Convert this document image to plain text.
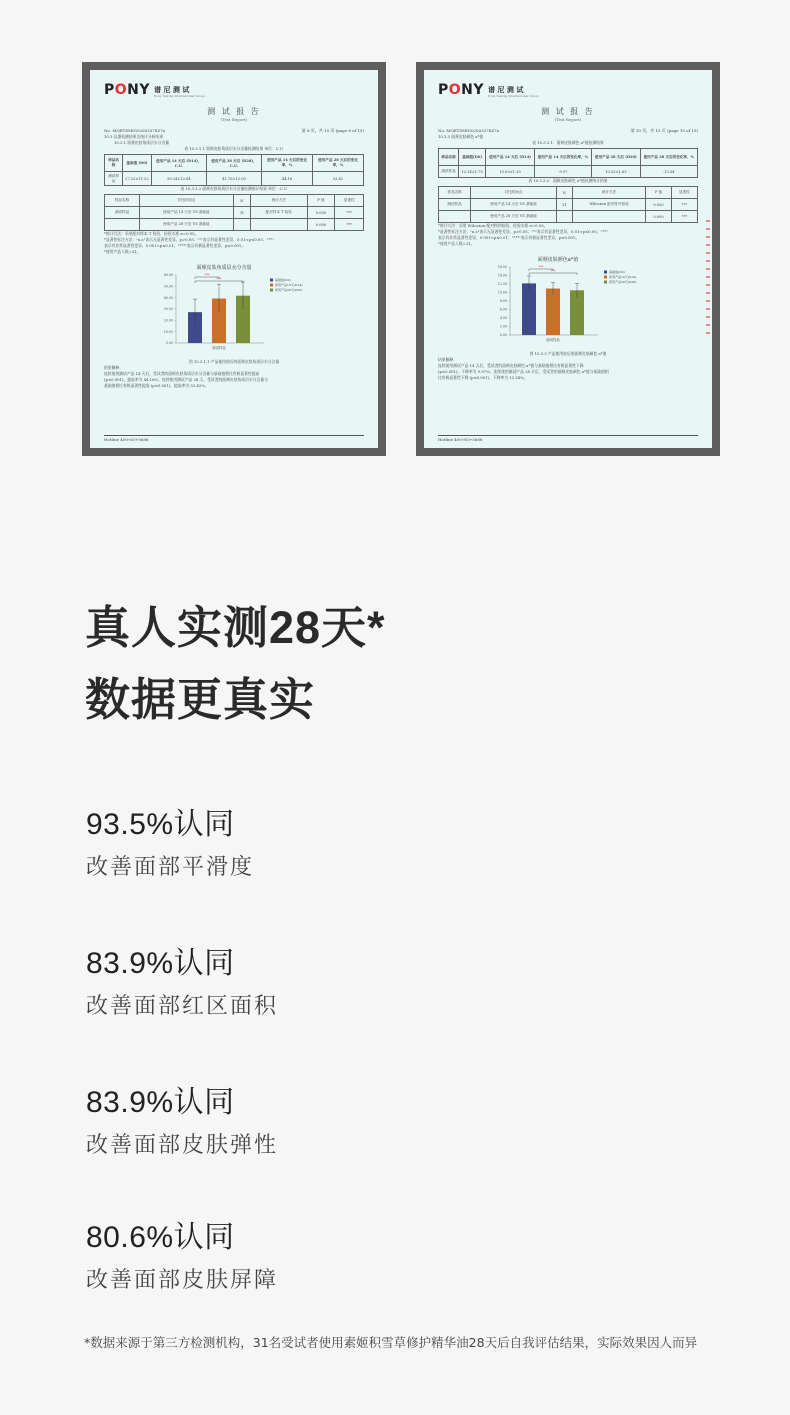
PONY 谱 尼 测 试
Pony Testing International Group
测 试 报 告
(Test Report)
No. MQETSMIG02003378Z7a	第 8 页，共 15 页 (page 8 of 15)
10.3 仪器检测结果及统计分析结果
10.3.1 面颊皮肤角质层水分含量
表 10.3.1.1 面颊皮肤角质层水分含量检测结果 单位：C.U.
样品名称	基础值 (D0)	使用产品 14 天后 (D14)，C.U.	使用产品 28 天后 (D28)，C.U.	使用产品 14 天后的变化率，%	使用产品 28 天后的变化率，%
测试样品	27.22±11.52	39.24±12.64	41.76±12.00	44.16	53.42
表 10.3.1.2 面颊皮肤角质层水分含量检测统计结果 单位：C.U.
样品名称	对比时间点	N	统计方法	P 值	显著性
测试样品	使用产品 14 天后 VS 基础值	31	配对样本 T 检验	0.000	***
	使用产品 28 天后 VS 基础值			0.000	***
*统计方法：采用配对样本 T 检验，检验水准 α=0.05。
*显著性标注方法："n.s"表示无显著性差异，p>0.05；"*"表示有显著性差异，0.01<p≤0.05；"**"
表示有非常显著性差异，0.001<p≤0.01；"***"表示有极显著性差异，p≤0.001。
*使用产品人数=31。
面颊皮肤角质层水分含量
0.00
10.00
20.00
30.00
40.00
50.00
60.00
基础值(D0)
使用产品14天(D14)
使用产品28天(D28)
***
***
测试样品
图 10.3.1.1 产品使用前后的面颊皮肤角质层水分含量
结果解释：
连续使用测试产品 14 天后，受试者的面颊皮肤角质层水分含量与基础值相比有极显著性提高
(p≤0.001)，提高率为 44.16%；连续使用测试产品 28 天，受试者的面颊皮肤角质层水分含量与
基础值相比有极显著性提高 (p≤0.001)，提高率为 53.42%。
Hotline 400-819-5688
PONY 谱 尼 测 试
Pony Testing International Group
测 试 报 告
(Test Report)
No. MQETSMIG02003378Z7a	第 10 页，共 15 页 (page 10 of 15)
10.3.3 面颊皮肤颜色 a*值
表 10.3.3.1：面颊皮肤颜色 a*值检测结果
样品名称	基础值(D0)	使用产品 14 天后 (D14)	使用产品 14 天后的变化率，%	使用产品 28 天后 (D28)	使用产品 28 天后的变化率，%
测试样品	12.14±1.75	10.93±1.39	-9.97	10.52±1.63	-13.34
表 10.3.3.2：面颊皮肤颜色 a*值检测统计结果
样品名称	对比时间点	N	统计方法	P 值	显著性
测试样品	使用产品 14 天后 VS 基础值	31	Wilcoxon 配对符号检验	0.000	***
	使用产品 28 天后 VS 基础值			0.000	***
*统计方法：采用 Wilcoxon 配对秩和检验，检验水准 α=0.05。
*显著性标注方法："n.s"表示无显著性差异，p>0.05；"*"表示有显著性差异，0.01<p≤0.05；"**"
表示有非常显著性差异，0.001<p≤0.01；"***"表示有极显著性差异，p≤0.001。
*使用产品人数=31。
面颊皮肤颜色a*值
0.00
2.00
4.00
6.00
8.00
10.00
12.00
14.00
16.00
基础值(D0)
使用产品14天(D14)
使用产品28天(D28)
***
***
测试样品
图 10.3.3 产品使用前后的面颊皮肤颜色 a*值
结果解释：
连续使用测试产品 14 天后，受试者的面颊皮肤颜色 a*值与基础值相比有极显著性下降
(p≤0.001)，下降率为 9.97%；连续使用测试产品 28 天后，受试者的面颊皮肤颜色 a*值与基础值相
比有极显著性下降 (p≤0.001)，下降率为 13.34%。
Hotline 400-819-5688
真人实测28天*
数据更真实
93.5%认同
改善面部平滑度
83.9%认同
改善面部红区面积
83.9%认同
改善面部皮肤弹性
80.6%认同
改善面部皮肤屏障
*数据来源于第三方检测机构，31名受试者使用素姬积雪草修护精华油28天后自我评估结果，实际效果因人而异
